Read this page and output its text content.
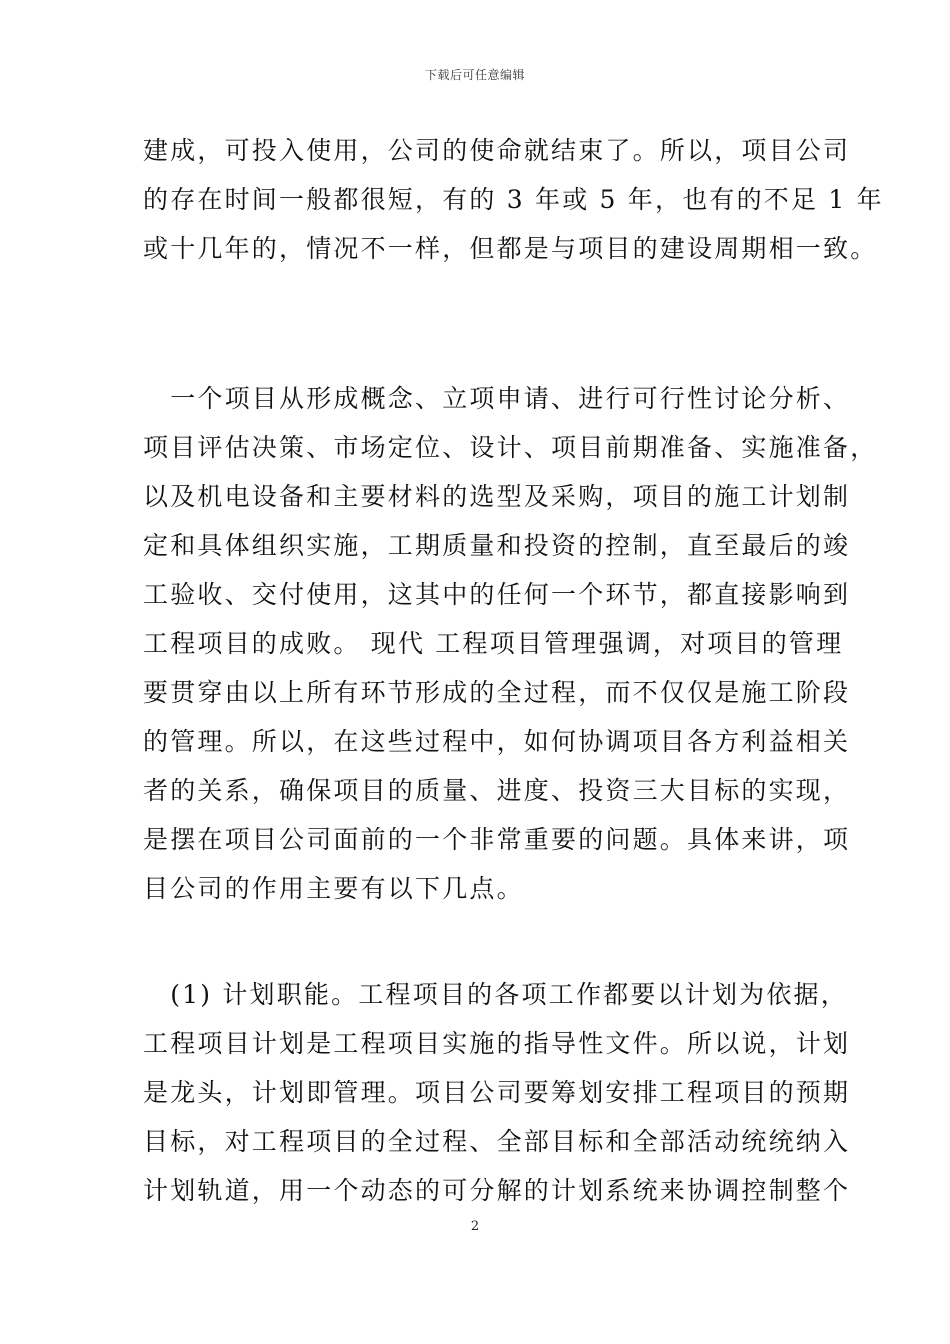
下载后可任意编辑
建成，可投入使用，公司的使命就结束了。所以，项目公司
的存在时间一般都很短，有的 3 年或 5 年，也有的不足 1 年
或十几年的，情况不一样，但都是与项目的建设周期相一致。
　一个项目从形成概念、立项申请、进行可行性讨论分析、
项目评估决策、市场定位、设计、项目前期准备、实施准备，
以及机电设备和主要材料的选型及采购，项目的施工计划制
定和具体组织实施，工期质量和投资的控制，直至最后的竣
工验收、交付使用，这其中的任何一个环节，都直接影响到
工程项目的成败。 现代 工程项目管理强调，对项目的管理
要贯穿由以上所有环节形成的全过程，而不仅仅是施工阶段
的管理。所以，在这些过程中，如何协调项目各方利益相关
者的关系，确保项目的质量、进度、投资三大目标的实现，
是摆在项目公司面前的一个非常重要的问题。具体来讲，项
目公司的作用主要有以下几点。
　(1) 计划职能。工程项目的各项工作都要以计划为依据，
工程项目计划是工程项目实施的指导性文件。所以说，计划
是龙头，计划即管理。项目公司要筹划安排工程项目的预期
目标，对工程项目的全过程、全部目标和全部活动统统纳入
计划轨道，用一个动态的可分解的计划系统来协调控制整个
2
